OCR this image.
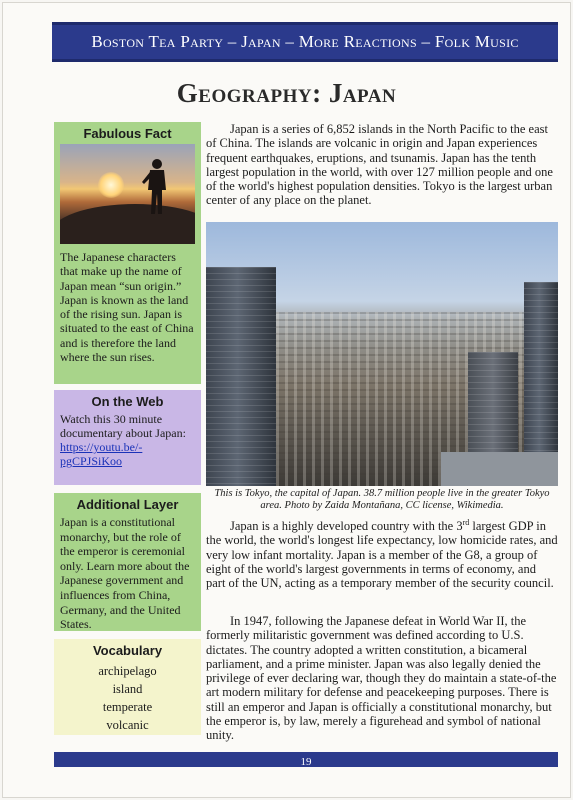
Boston Tea Party – Japan – More Reactions – Folk Music
Geography: Japan
Fabulous Fact
The Japanese characters that make up the name of Japan mean “sun origin.” Japan is known as the land of the rising sun. Japan is situated to the east of China and is therefore the land where the sun rises.
On the Web
Watch this 30 minute documentary about Japan:
https://youtu.be/-pgCPJSiKoo
Additional Layer
Japan is a constitutional monarchy, but the role of the emperor is ceremonial only. Learn more about the Japanese government and influences from China, Germany, and the United States.
Vocabulary
archipelago
island
temperate
volcanic
Japan is a series of 6,852 islands in the North Pacific to the east of China. The islands are volcanic in origin and Japan experiences frequent earthquakes, eruptions, and tsunamis. Japan has the tenth largest population in the world, with over 127 million people and one of the world's highest population densities. Tokyo is the largest urban center of any place on the planet.
This is Tokyo, the capital of Japan. 38.7 million people live in the greater Tokyo area. Photo by Zaida Montañana, CC license, Wikimedia.
Japan is a highly developed country with the 3rd largest GDP in the world, the world's longest life expectancy, low homicide rates, and very low infant mortality. Japan is a member of the G8, a group of eight of the world's largest governments in terms of economy, and part of the UN, acting as a temporary member of the security council.
In 1947, following the Japanese defeat in World War II, the formerly militaristic government was defined according to U.S. dictates. The country adopted a written constitution, a bicameral parliament, and a prime minister. Japan was also legally denied the privilege of ever declaring war, though they do maintain a state-of-the art modern military for defense and peacekeeping purposes. There is still an emperor and Japan is officially a constitutional monarchy, but the emperor is, by law, merely a figurehead and symbol of national unity.
19
